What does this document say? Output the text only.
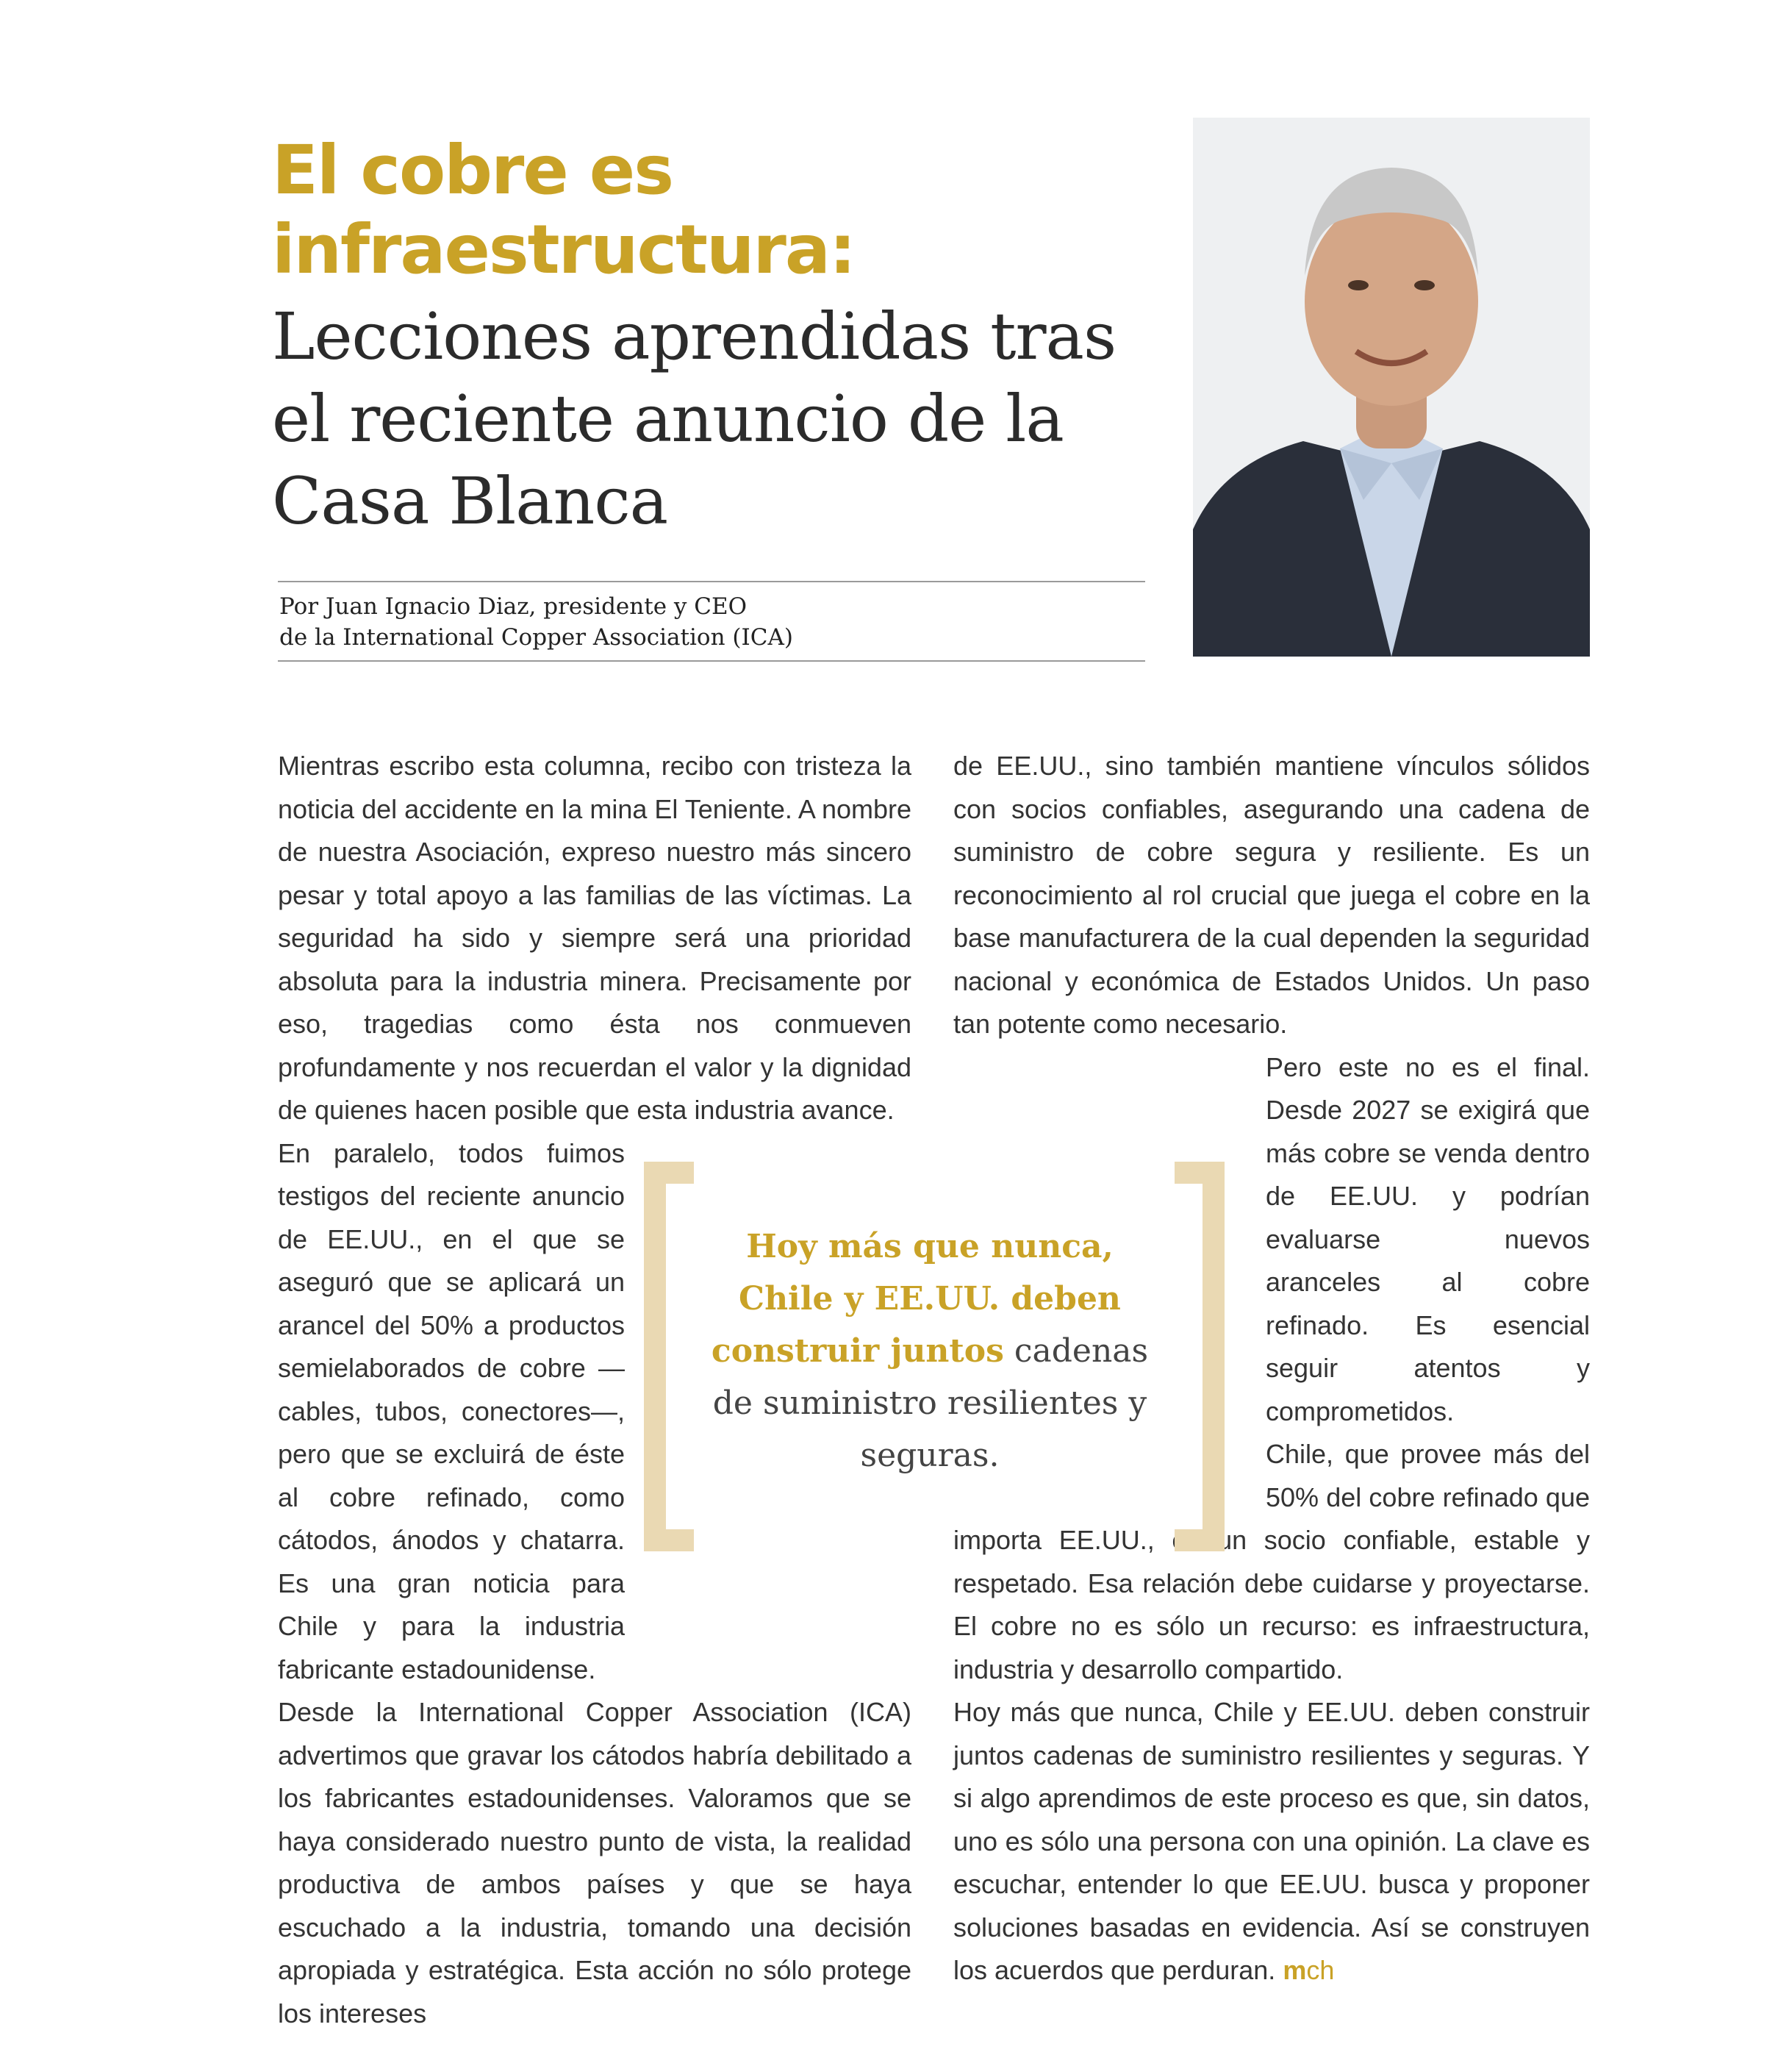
El cobre es
infraestructura:
Lecciones aprendidas tras
el reciente anuncio de la
Casa Blanca
Por Juan Ignacio Diaz, presidente y CEO
de la International Copper Association (ICA)

Mientras escribo esta columna, recibo con tristeza la noticia del accidente en la mina El Teniente. A nombre de nuestra Asociación, expreso nuestro más sincero pesar y total apoyo a las familias de las víctimas. La seguridad ha sido y siempre será una prioridad absoluta para la industria minera. Precisamente por eso, tragedias como ésta nos conmueven profundamente y nos recuerdan el valor y la dignidad de quienes hacen posible que esta industria avance.

En paralelo, todos fuimos testigos del reciente anuncio de EE.UU., en el que se aseguró que se aplicará un arancel del 50% a productos semielaborados de cobre —cables, tubos, conectores—, pero que se excluirá de éste al cobre refinado, como cátodos, ánodos y chatarra. Es una gran noticia para Chile y para la industria fabricante estadounidense.

Desde la International Copper Association (ICA) advertimos que gravar los cátodos habría debilitado a los fabricantes estadounidenses. Valoramos que se haya considerado nuestro punto de vista, la realidad productiva de ambos países y que se haya escuchado a la industria, tomando una decisión apropiada y estratégica. Esta acción no sólo protege los intereses

de EE.UU., sino también mantiene vínculos sólidos con socios confiables, asegurando una cadena de suministro de cobre segura y resiliente. Es un reconocimiento al rol crucial que juega el cobre en la base manufacturera de la cual dependen la seguridad nacional y económica de Estados Unidos. Un paso tan potente como necesario.

Pero este no es el final. Desde 2027 se exigirá que más cobre se venda dentro de EE.UU. y podrían evaluarse nuevos aranceles al cobre refinado. Es esencial seguir atentos y comprometidos.

Chile, que provee más del 50% del cobre refinado que importa EE.UU., es un socio confiable, estable y respetado. Esa relación debe cuidarse y proyectarse. El cobre no es sólo un recurso: es infraestructura, industria y desarrollo compartido.

Hoy más que nunca, Chile y EE.UU. deben construir juntos cadenas de suministro resilientes y seguras. Y si algo aprendimos de este proceso es que, sin datos, uno es sólo una persona con una opinión. La clave es escuchar, entender lo que EE.UU. busca y proponer soluciones basadas en evidencia. Así se construyen los acuerdos que perduran. mch

Hoy más que nunca, Chile y EE.UU. deben construir juntos cadenas de suministro resilientes y seguras.
